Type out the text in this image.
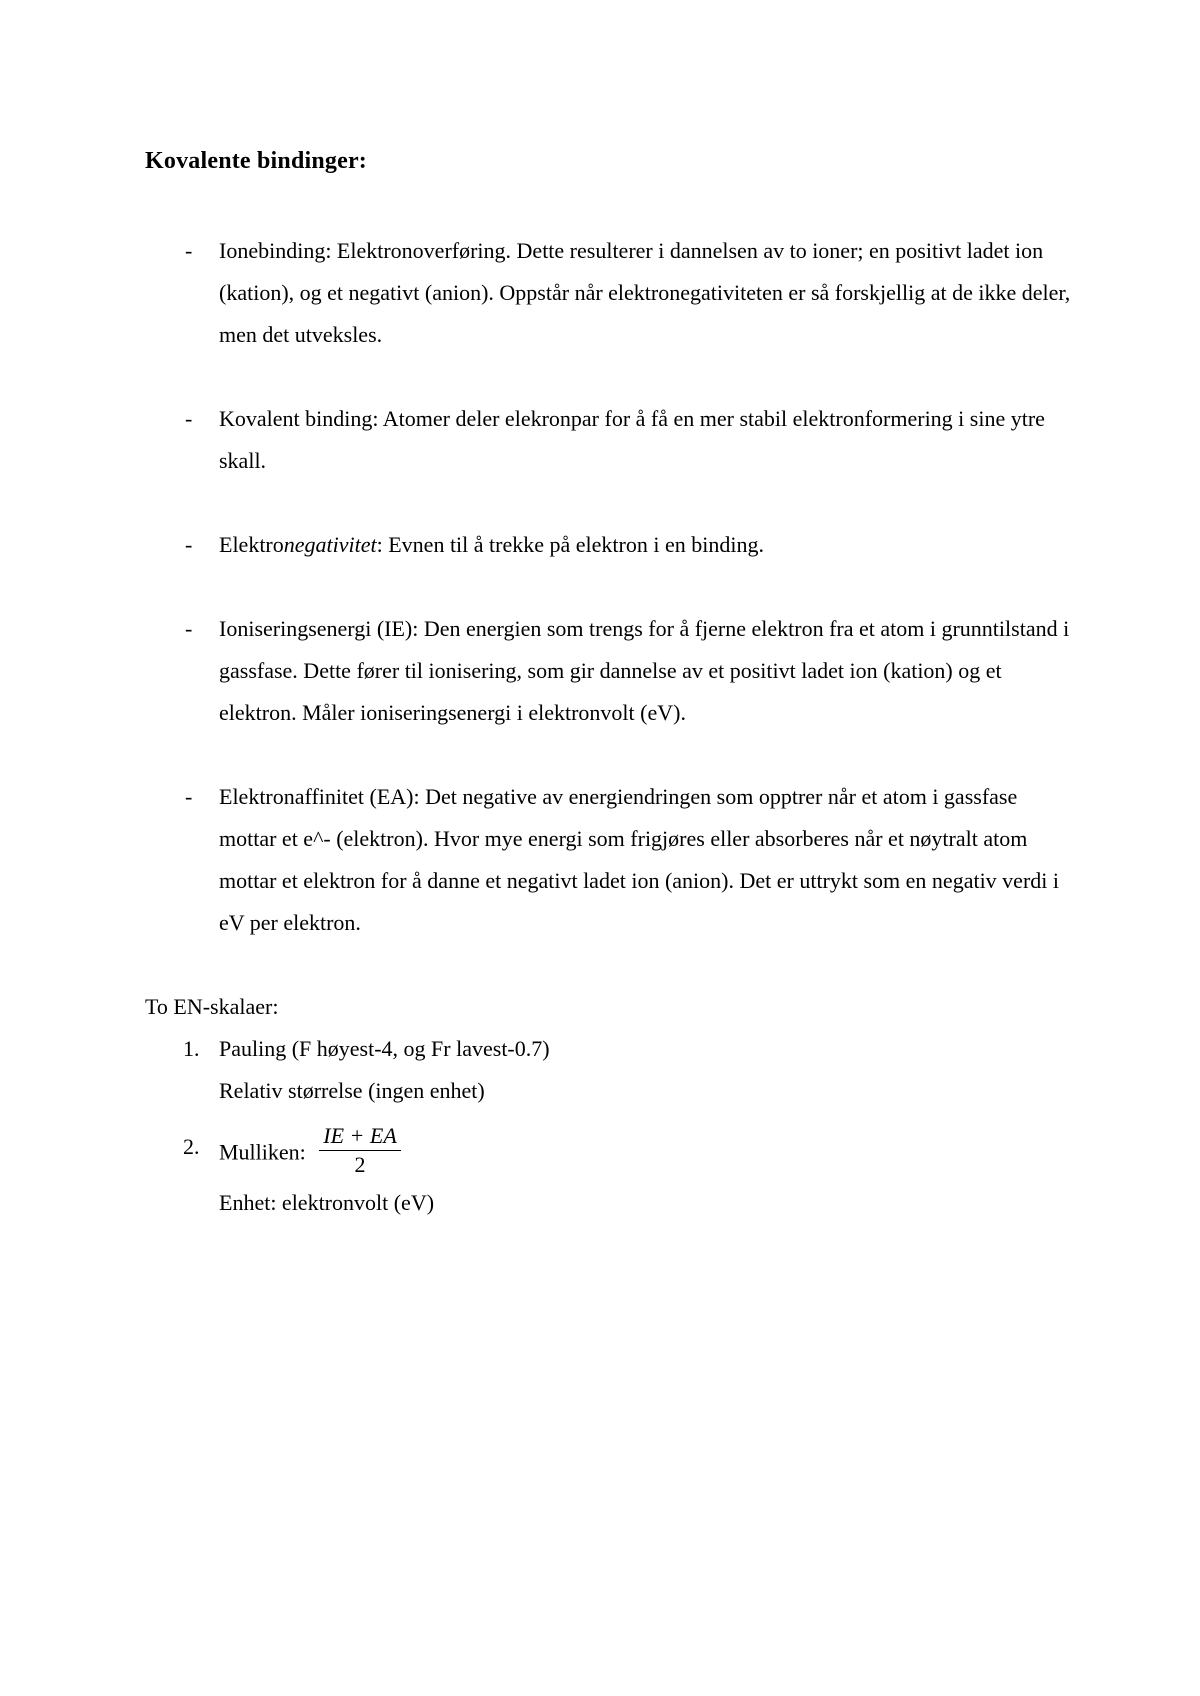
Kovalente bindinger:
- Ionebinding: Elektronoverføring. Dette resulterer i dannelsen av to ioner; en positivt ladet ion (kation), og et negativt (anion). Oppstår når elektronegativiteten er så forskjellig at de ikke deler, men det utveksles.
- Kovalent binding: Atomer deler elekronpar for å få en mer stabil elektronformering i sine ytre skall.
- Elektronegativitet: Evnen til å trekke på elektron i en binding.
- Ioniseringsenergi (IE): Den energien som trengs for å fjerne elektron fra et atom i grunntilstand i gassfase. Dette fører til ionisering, som gir dannelse av et positivt ladet ion (kation) og et elektron. Måler ioniseringsenergi i elektronvolt (eV).
- Elektronaffinitet (EA): Det negative av energiendringen som opptrer når et atom i gassfase mottar et e^- (elektron). Hvor mye energi som frigjøres eller absorberes når et nøytralt atom mottar et elektron for å danne et negativt ladet ion (anion). Det er uttrykt som en negativ verdi i eV per elektron.
To EN-skalaer:
1. Pauling (F høyest-4, og Fr lavest-0.7)
Relativ størrelse (ingen enhet)
2. Mulliken: $\frac{IE + EA}{2}$
Enhet: elektronvolt (eV)
